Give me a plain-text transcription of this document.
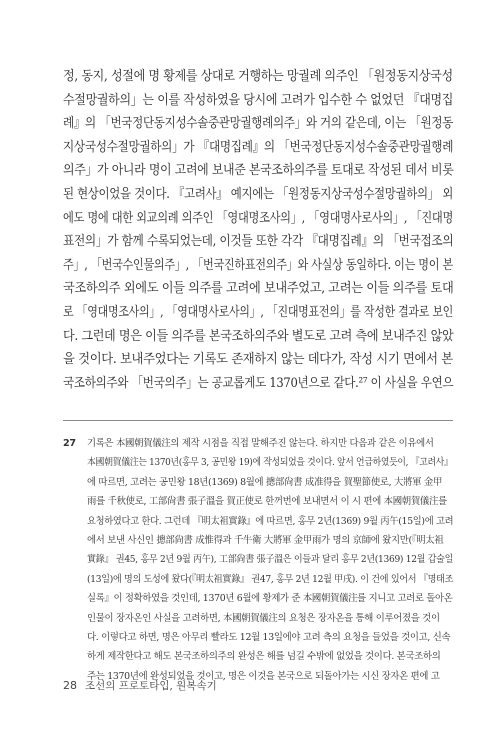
정, 동지, 성절에 명 황제를 상대로 거행하는 망궐례 의주인 「원정동지상국성
수절망궐하의」는 이를 작성하였을 당시에 고려가 입수한 수 없었던 『대명집
례』의 「번국정단동지성수솔중관망궐행례의주」와 거의 같은데, 이는 「원정동
지상국성수절망궐하의」가 『대명집례』의 「번국정단동지성수솔중관망궐행례
의주」가 아니라 명이 고려에 보내준 본국조하의주를 토대로 작성된 데서 비롯
된 현상이었을 것이다. 『고려사』 예지에는 「원정동지상국성수절망궐하의」 외
에도 명에 대한 외교의례 의주인 「영대명조사의」, 「영대명사로사의」, 「진대명
표전의」가 함께 수록되었는데, 이것들 또한 각각 『대명집례』의 「번국접조의
주」, 「번국수인물의주」, 「번국진하표전의주」와 사실상 동일하다. 이는 명이 본
국조하의주 외에도 이들 의주를 고려에 보내주었고, 고려는 이들 의주를 토대
로 「영대명조사의」, 「영대명사로사의」, 「진대명표전의」를 작성한 결과로 보인
다. 그런데 명은 이들 의주를 본국조하의주와 별도로 고려 측에 보내주진 않았
을 것이다. 보내주었다는 기록도 존재하지 않는 데다가, 작성 시기 면에서 본
국조하의주와 「번국의주」는 공교롭게도 1370년으로 같다.²⁷ 이 사실을 우연으
27 기록은 本國朝賀儀注의 제작 시점을 직접 말해주진 않는다. 하지만 다음과 같은 이유에서
本國朝賀儀注는 1370년(홍무 3, 공민왕 19)에 작성되었을 것이다. 앞서 언급하였듯이, 『고려사』
에 따르면, 고려는 공민왕 18년(1369) 8월에 摠部尙書 成准得을 賀聖節使로, 大將軍 金甲
雨를 千秋使로, 工部尙書 張子溫을 賀正使로 한꺼번에 보내면서 이 시 편에 本國朝賀儀注를
요청하였다고 한다. 그런데 『明太祖實錄』에 따르면, 홍무 2년(1369) 9월 丙午(15일)에 고려
에서 보낸 사신인 摠部尙書 成惟得과 千牛衛 大將軍 金甲雨가 명의 京師에 왔지만(『明太祖
實錄』 권45, 홍무 2년 9월 丙午), 工部尙書 張子溫은 이들과 달리 홍무 2년(1369) 12월 갑술일
(13일)에 명의 도성에 왔다(『明太祖實錄』 권47, 홍무 2년 12월 甲戌). 이 건에 있어서 『명태조
실록』이 정확하였을 것인데, 1370년 6월에 황제가 준 本國朝賀儀注를 지니고 고려로 돌아온
인물이 장자온인 사실을 고려하면, 本國朝賀儀注의 요청은 장자온을 통해 이루어졌을 것이
다. 이렇다고 하면, 명은 아무리 빨라도 12월 13일에야 고려 측의 요청을 들었을 것이고, 신속
하게 제작한다고 해도 본국조하의주의 완성은 해를 넘길 수밖에 없었을 것이다. 본국조하의
주는 1370년에 완성되었을 것이고, 명은 이것을 본국으로 되돌아가는 시신 장자온 편에 고
28 조선의 프로토타입, 원복속기
